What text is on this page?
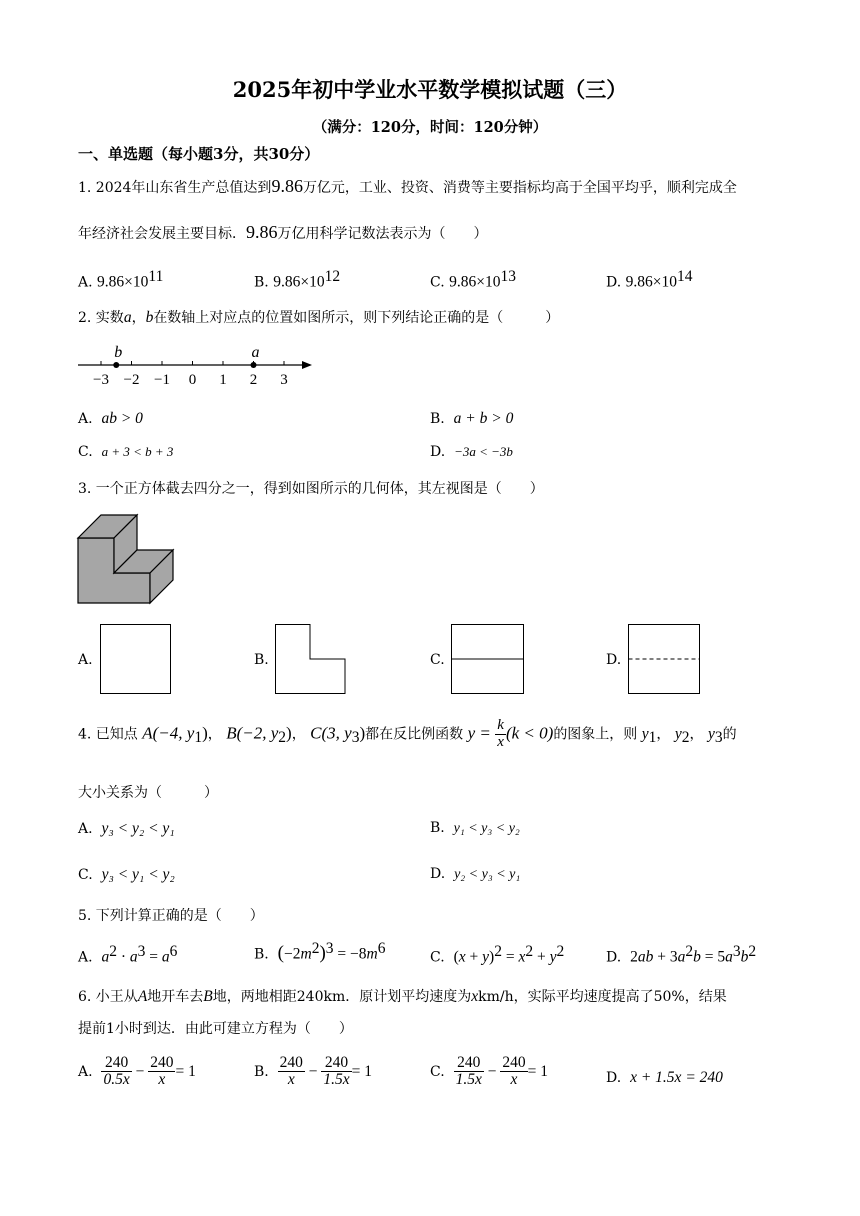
2025年初中学业水平数学模拟试题（三）
（满分：120分，时间：120分钟）
一、单选题（每小题3分，共30分）
1. 2024年山东省生产总值达到9.86万亿元，工业、投资、消费等主要指标均高于全国平均乎，顺利完成全
年经济社会发展主要目标．9.86万亿用科学记数法表示为（　　）
A. $9.86\times 10^{11}$	B. $9.86\times 10^{12}$	C. $9.86\times 10^{13}$	D. $9.86\times 10^{14}$
2. 实数a，b在数轴上对应点的位置如图所示，则下列结论正确的是（　　　）
−3 −2 −1 0 1 2 3
b	a
A. ab > 0	B. a + b > 0
C. a + 3 < b + 3	D. −3a < −3b
3. 一个正方体截去四分之一，得到如图所示的几何体，其左视图是（　　）
A.	B.	C.	D.
4. 已知点 A(−4, $y_1$)， B(−2, $y_2$)， C(3, $y_3$)都在反比例函数 $y = \frac{k}{x} (k < 0)$的图象上，则 $y_1$， $y_2$， $y_3$的
大小关系为（　　　）
A. y₃ < y₂ < y₁	B. y₁ < y₃ < y₂
C. y₃ < y₁ < y₂	D. y₂ < y₃ < y₁
5. 下列计算正确的是（　　）
A. $a^2 \cdot a^3 = a^6$	B. $(-2m^2)^3 = -8m^6$
C. $(x + y)^2 = x^2 + y^2$	D. $2ab + 3a^2b = 5a^3b^2$
6. 小王从A地开车去B地，两地相距240km．原计划平均速度为xkm/h，实际平均速度提高了50%，结果
提前1小时到达．由此可建立方程为（　　）
A. $\frac{240}{0.5x} - \frac{240}{x} = 1$	B. $\frac{240}{x} - \frac{240}{1.5x} = 1$	C. $\frac{240}{1.5x} - \frac{240}{x} = 1$	D. x + 1.5x = 240
